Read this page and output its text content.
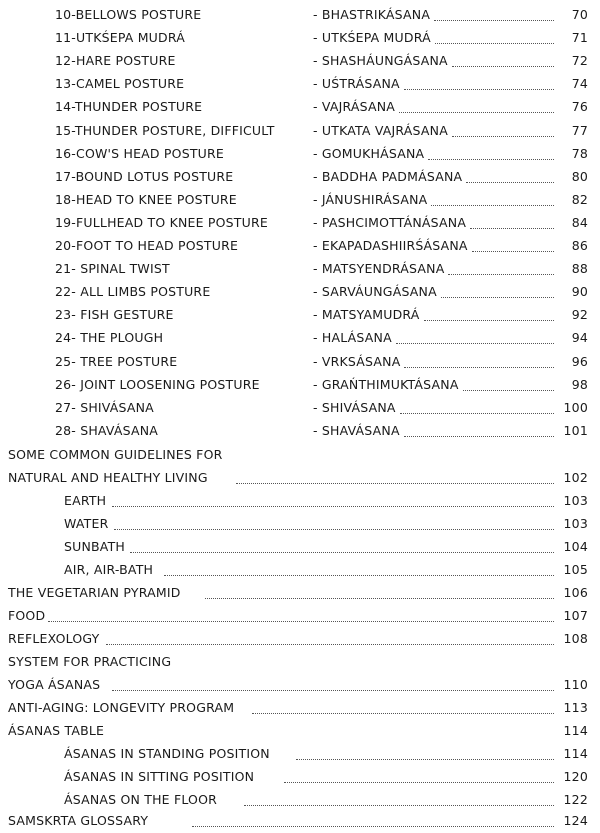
10-BELLOWS POSTURE	- BHASTRIKÁSANA	70
11-UTKŚEPA MUDRÁ	- UTKŚEPA MUDRÁ	71
12-HARE POSTURE	- SHASHÁUNGÁSANA	72
13-CAMEL POSTURE	- UŚTRÁSANA	74
14-THUNDER POSTURE	- VAJRÁSANA	76
15-THUNDER POSTURE, DIFFICULT	- UTKATA VAJRÁSANA	77
16-COW'S HEAD POSTURE	- GOMUKHÁSANA	78
17-BOUND LOTUS POSTURE	- BADDHA PADMÁSANA	80
18-HEAD TO KNEE POSTURE	- JÁNUSHIRÁSANA	82
19-FULLHEAD TO KNEE POSTURE	- PASHCIMOTTÁNÁSANA	84
20-FOOT TO HEAD POSTURE	- EKAPADASHIIRŚÁSANA	86
21- SPINAL TWIST	- MATSYENDRÁSANA	88
22- ALL LIMBS POSTURE	- SARVÁUNGÁSANA	90
23- FISH GESTURE	- MATSYAMUDRÁ	92
24- THE PLOUGH	- HALÁSANA	94
25- TREE POSTURE	- VRKSÁSANA	96
26- JOINT LOOSENING POSTURE	- GRAŃTHIMUKTÁSANA	98
27- SHIVÁSANA	- SHIVÁSANA	100
28- SHAVÁSANA	- SHAVÁSANA	101
SOME COMMON GUIDELINES FOR
NATURAL AND HEALTHY LIVING	102
EARTH	103
WATER	103
SUNBATH	104
AIR, AIR-BATH	105
THE VEGETARIAN PYRAMID	106
FOOD	107
REFLEXOLOGY	108
SYSTEM FOR PRACTICING
YOGA ÁSANAS	110
ANTI-AGING: LONGEVITY PROGRAM	113
ÁSANAS TABLE	114
ÁSANAS IN STANDING POSITION	114
ÁSANAS IN SITTING POSITION	120
ÁSANAS ON THE FLOOR	122
SAMSKRTA GLOSSARY	124
